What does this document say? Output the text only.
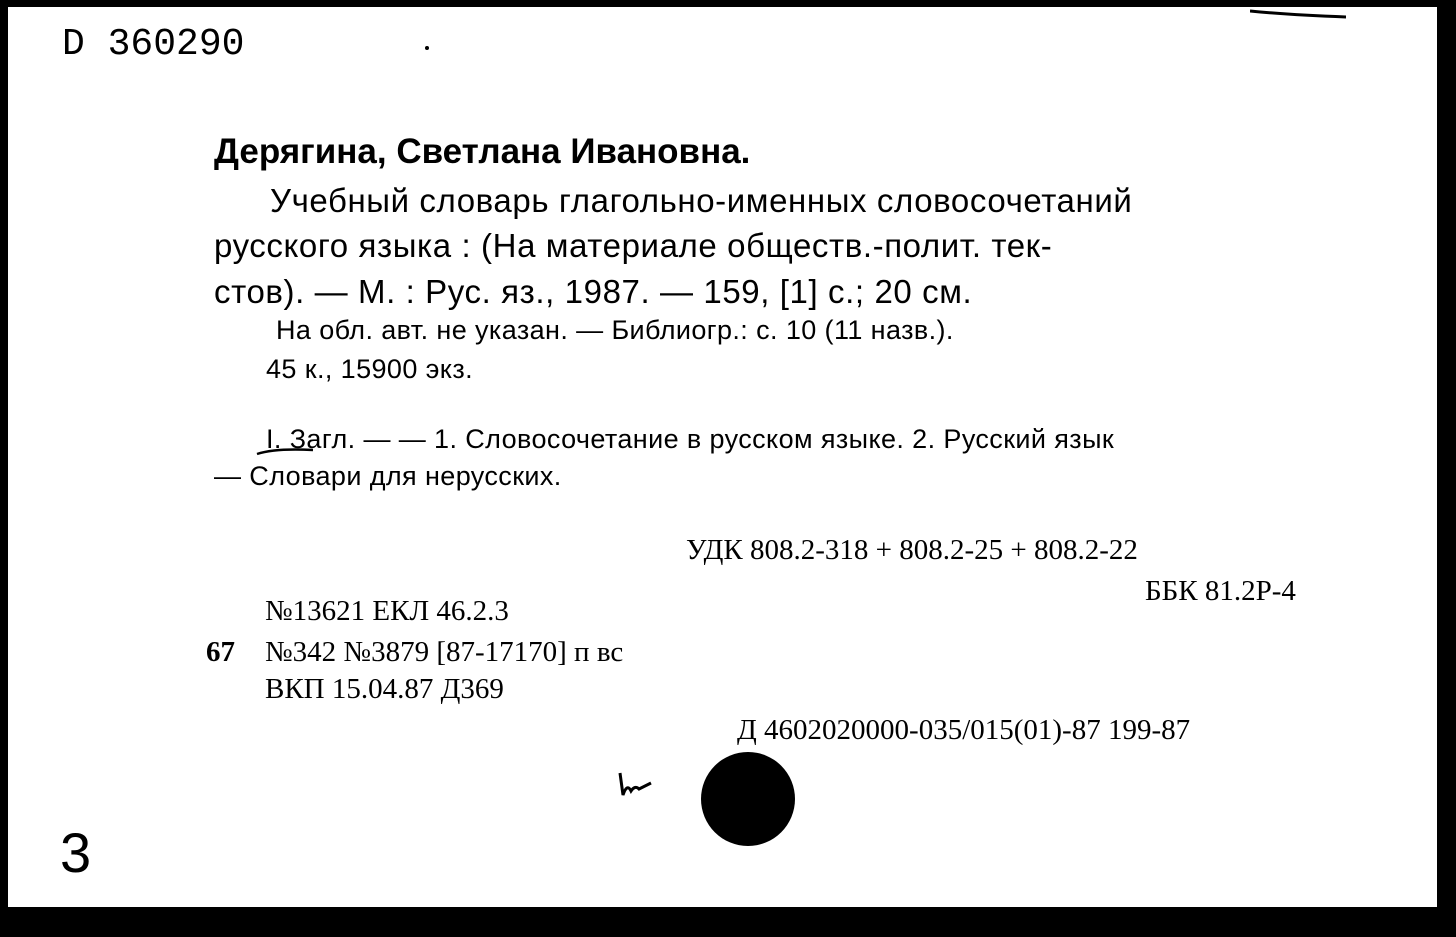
D 360290
Дерягина, Светлана Ивановна.
Учебный словарь глагольно-именных словосочетаний
русского языка : (На материале обществ.-полит. тек-
стов). — М. : Рус. яз., 1987. — 159, [1] с.; 20 см.
На обл. авт. не указан. — Библиогр.: с. 10 (11 назв.).
45 к., 15900 экз.
I. Загл. — — 1. Словосочетание в русском языке. 2. Русский язык
— Словари для нерусских.
УДК 808.2-318 + 808.2-25 + 808.2-22
ББК 81.2Р-4
№13621 ЕКЛ 46.2.3
67 №342 №3879 [87-17170] п вс
ВКП 15.04.87 Д369
Д 4602020000-035/015(01)-87 199-87
3
